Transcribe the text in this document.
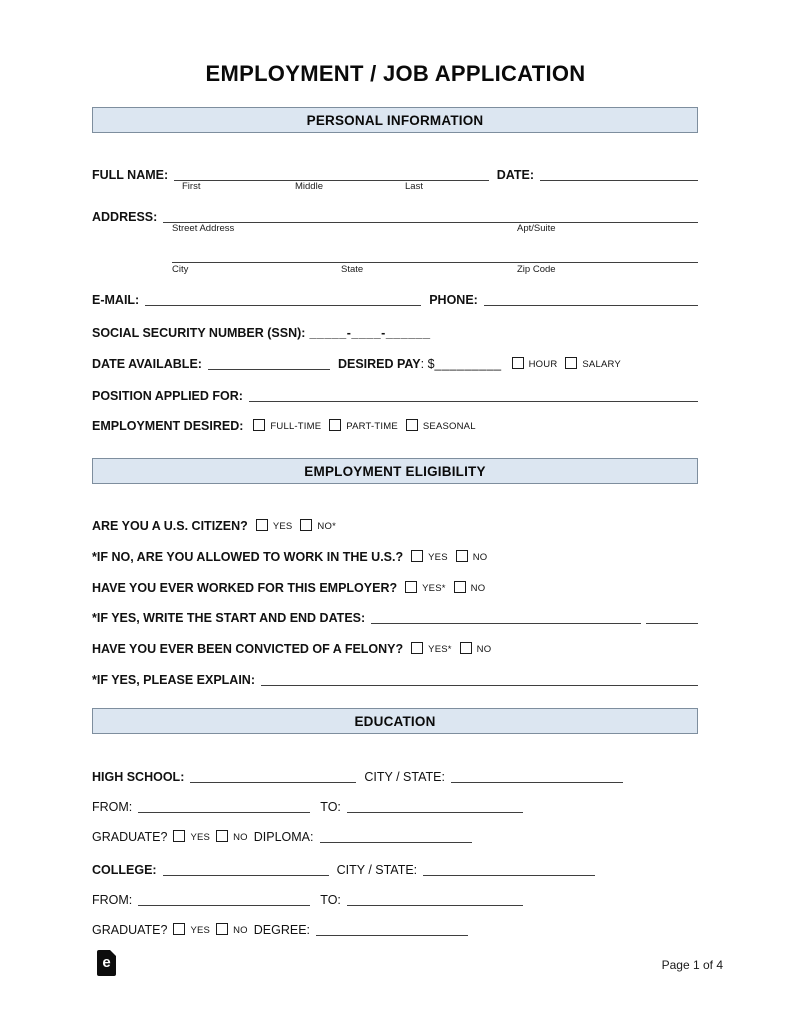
EMPLOYMENT / JOB APPLICATION
PERSONAL INFORMATION
FULL NAME:	DATE:
First	Middle	Last
ADDRESS:
Street Address	Apt/Suite
City	State	Zip Code
E-MAIL:	PHONE:
SOCIAL SECURITY NUMBER (SSN): _____-____-______
DATE AVAILABLE:	DESIRED PAY : $ _________	HOUR	SALARY
POSITION APPLIED FOR:
EMPLOYMENT DESIRED:	FULL-TIME	PART-TIME	SEASONAL
EMPLOYMENT ELIGIBILITY
ARE YOU A U.S. CITIZEN?	YES	NO*
*IF NO, ARE YOU ALLOWED TO WORK IN THE U.S.?	YES	NO
HAVE YOU EVER WORKED FOR THIS EMPLOYER?	YES*	NO
*IF YES, WRITE THE START AND END DATES:
HAVE YOU EVER BEEN CONVICTED OF A FELONY?	YES*	NO
*IF YES, PLEASE EXPLAIN:
EDUCATION
HIGH SCHOOL:	CITY / STATE:
FROM:	TO:
GRADUATE? YES NO DIPLOMA:
COLLEGE:	CITY / STATE:
FROM:	TO:
GRADUATE? YES NO DEGREE:
e	Page 1 of 4
